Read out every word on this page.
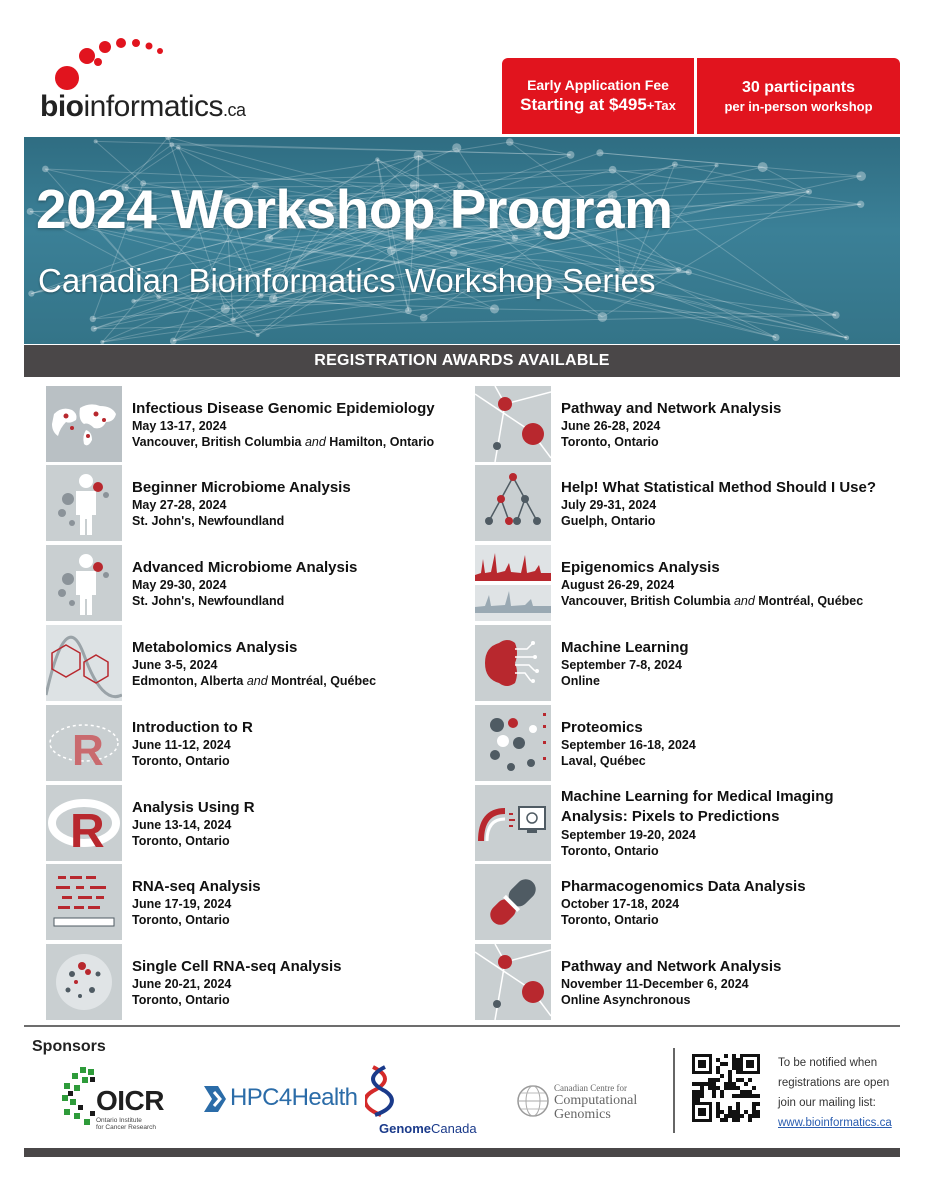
bioinformatics.ca
Early Application Fee
Starting at $495+Tax
30 participants
per in-person workshop
2024 Workshop Program
Canadian Bioinformatics Workshop Series
REGISTRATION AWARDS AVAILABLE
Infectious Disease Genomic Epidemiology
May 13-17, 2024
Vancouver, British Columbia and Hamilton, Ontario
Beginner Microbiome Analysis
May 27-28, 2024
St. John's, Newfoundland
Advanced Microbiome Analysis
May 29-30, 2024
St. John's, Newfoundland
Metabolomics Analysis
June 3-5, 2024
Edmonton, Alberta and Montréal, Québec
R Introduction to R
June 11-12, 2024
Toronto, Ontario
R Analysis Using R
June 13-14, 2024
Toronto, Ontario
RNA-seq Analysis
June 17-19, 2024
Toronto, Ontario
Single Cell RNA-seq Analysis
June 20-21, 2024
Toronto, Ontario
Pathway and Network Analysis
June 26-28, 2024
Toronto, Ontario
Help! What Statistical Method Should I Use?
July 29-31, 2024
Guelph, Ontario
Epigenomics Analysis
August 26-29, 2024
Vancouver, British Columbia and Montréal, Québec
Machine Learning
September 7-8, 2024
Online
Proteomics
September 16-18, 2024
Laval, Québec
Machine Learning for Medical Imaging
Analysis: Pixels to Predictions
September 19-20, 2024
Toronto, Ontario
Pharmacogenomics Data Analysis
October 17-18, 2024
Toronto, Ontario
Pathway and Network Analysis
November 11-December 6, 2024
Online Asynchronous
Sponsors
OICR
Ontario Institute
for Cancer Research
HPC4Health
GenomeCanada
Canadian Centre for
Computational
Genomics
To be notified when
registrations are open
join our mailing list:
www.bioinformatics.ca
